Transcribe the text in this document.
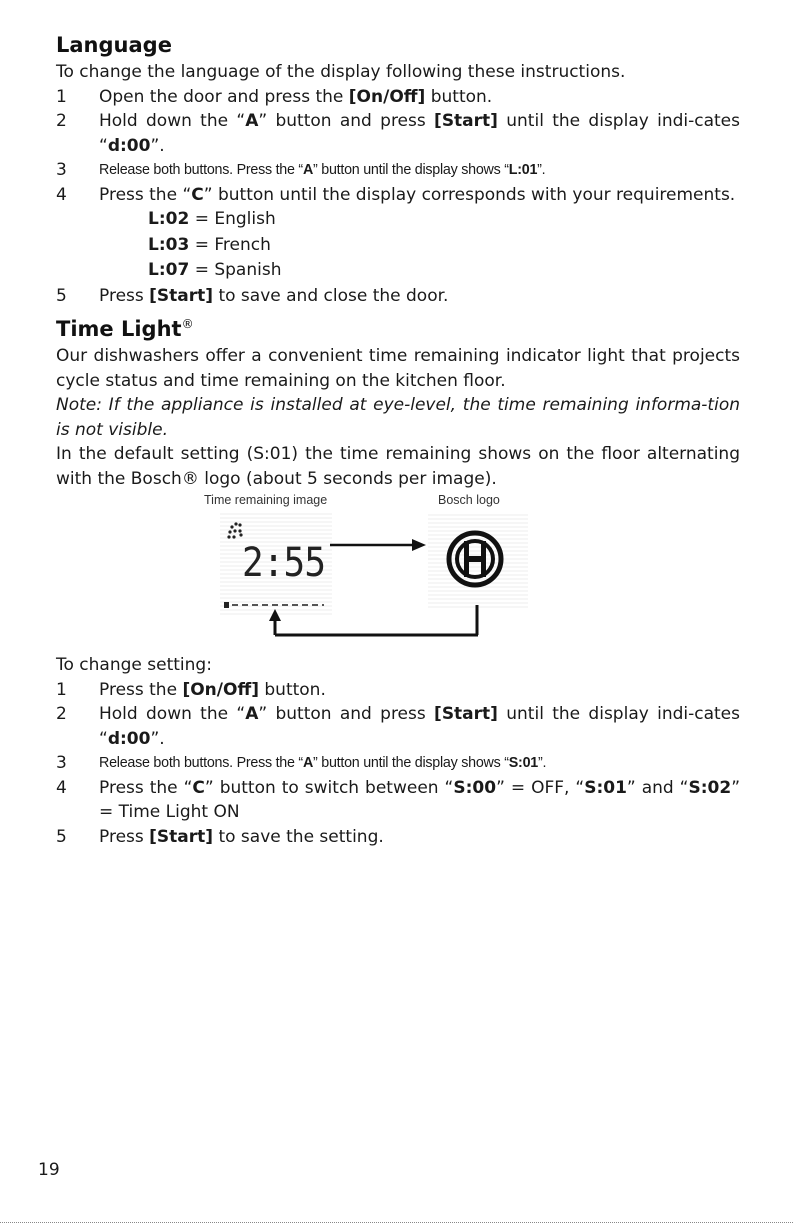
Language

To change the language of the display following these instructions.

1 Open the door and press the [On/Off] button.
2 Hold down the “A” button and press [Start] until the display indi-cates “d:00”.
3 Release both buttons. Press the “A” button until the display shows “L:01”.
4 Press the “C” button until the display corresponds with your requirements.
L:02 = English
L:03 = French
L:07 = Spanish
5 Press [Start] to save and close the door.
Time Light®

Our dishwashers offer a convenient time remaining indicator light that projects cycle status and time remaining on the kitchen floor.

Note: If the appliance is installed at eye-level, the time remaining informa-tion is not visible.

In the default setting (S:01) the time remaining shows on the floor alternating with the Bosch® logo (about 5 seconds per image).

Time remaining image	Bosch logo
2:55

To change setting:

1 Press the [On/Off] button.
2 Hold down the “A” button and press [Start] until the display indi-cates “d:00”.
3 Release both buttons. Press the “A” button until the display shows “S:01”.
4 Press the “C” button to switch between “S:00” = OFF, “S:01” and “S:02” = Time Light ON
5 Press [Start] to save the setting.
19
